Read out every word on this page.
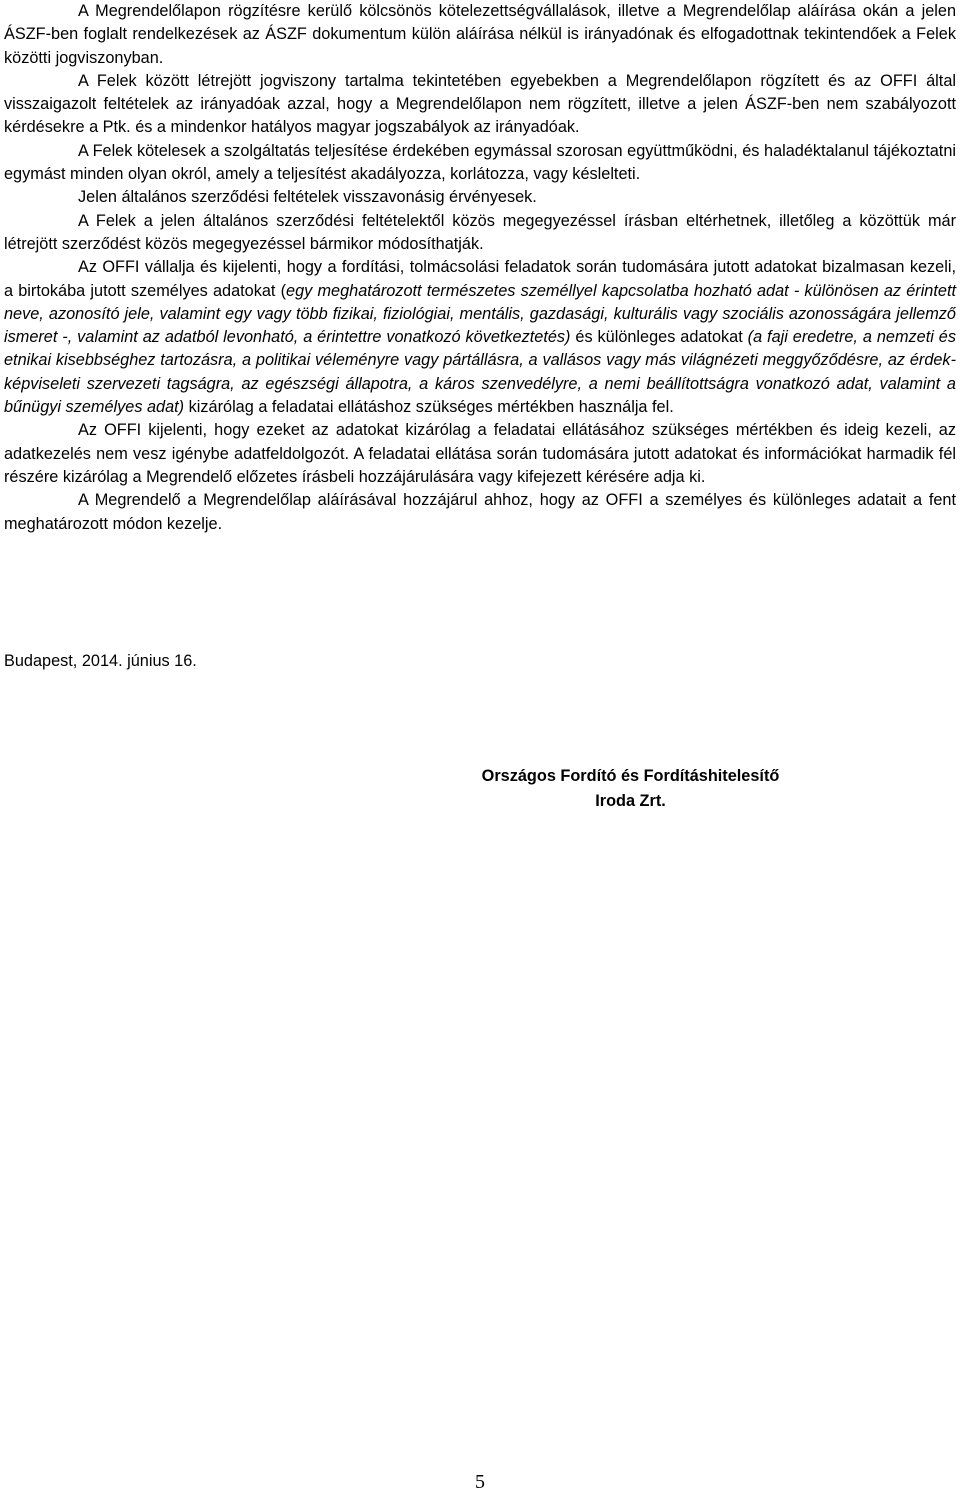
A Megrendelőlapon rögzítésre kerülő kölcsönös kötelezettségvállalások, illetve a Megrendelőlap aláírása okán a jelen ÁSZF-ben foglalt rendelkezések az ÁSZF dokumentum külön aláírása nélkül is irányadónak és elfogadottnak tekintendőek a Felek közötti jogviszonyban.

A Felek között létrejött jogviszony tartalma tekintetében egyebekben a Megrendelőlapon rögzített és az OFFI által visszaigazolt feltételek az irányadóak azzal, hogy a Megrendelőlapon nem rögzített, illetve a jelen ÁSZF-ben nem szabályozott kérdésekre a Ptk. és a mindenkor hatályos magyar jogszabályok az irányadóak.

A Felek kötelesek a szolgáltatás teljesítése érdekében egymással szorosan együttműködni, és haladéktalanul tájékoztatni egymást minden olyan okról, amely a teljesítést akadályozza, korlátozza, vagy késlelteti.

Jelen általános szerződési feltételek visszavonásig érvényesek.

A Felek a jelen általános szerződési feltételektől közös megegyezéssel írásban eltérhetnek, illetőleg a közöttük már létrejött szerződést közös megegyezéssel bármikor módosíthatják.

Az OFFI vállalja és kijelenti, hogy a fordítási, tolmácsolási feladatok során tudomására jutott adatokat bizalmasan kezeli, a birtokába jutott személyes adatokat (egy meghatározott természetes személlyel kapcsolatba hozható adat - különösen az érintett neve, azonosító jele, valamint egy vagy több fizikai, fiziológiai, mentális, gazdasági, kulturális vagy szociális azonosságára jellemző ismeret -, valamint az adatból levonható, a érintettre vonatkozó következtetés) és különleges adatokat (a faji eredetre, a nemzeti és etnikai kisebbséghez tartozásra, a politikai véleményre vagy pártállásra, a vallásos vagy más világnézeti meggyőződésre, az érdek-képviseleti szervezeti tagságra, az egészségi állapotra, a káros szenvedélyre, a nemi beállítottságra vonatkozó adat, valamint a bűnügyi személyes adat) kizárólag a feladatai ellátáshoz szükséges mértékben használja fel.

Az OFFI kijelenti, hogy ezeket az adatokat kizárólag a feladatai ellátásához szükséges mértékben és ideig kezeli, az adatkezelés nem vesz igénybe adatfeldolgozót. A feladatai ellátása során tudomására jutott adatokat és információkat harmadik fél részére kizárólag a Megrendelő előzetes írásbeli hozzájárulására vagy kifejezett kérésére adja ki.

A Megrendelő a Megrendelőlap aláírásával hozzájárul ahhoz, hogy az OFFI a személyes és különleges adatait a fent meghatározott módon kezelje.

Budapest, 2014. június 16.

Országos Fordító és Fordításhitelesítő
Iroda Zrt.
5
